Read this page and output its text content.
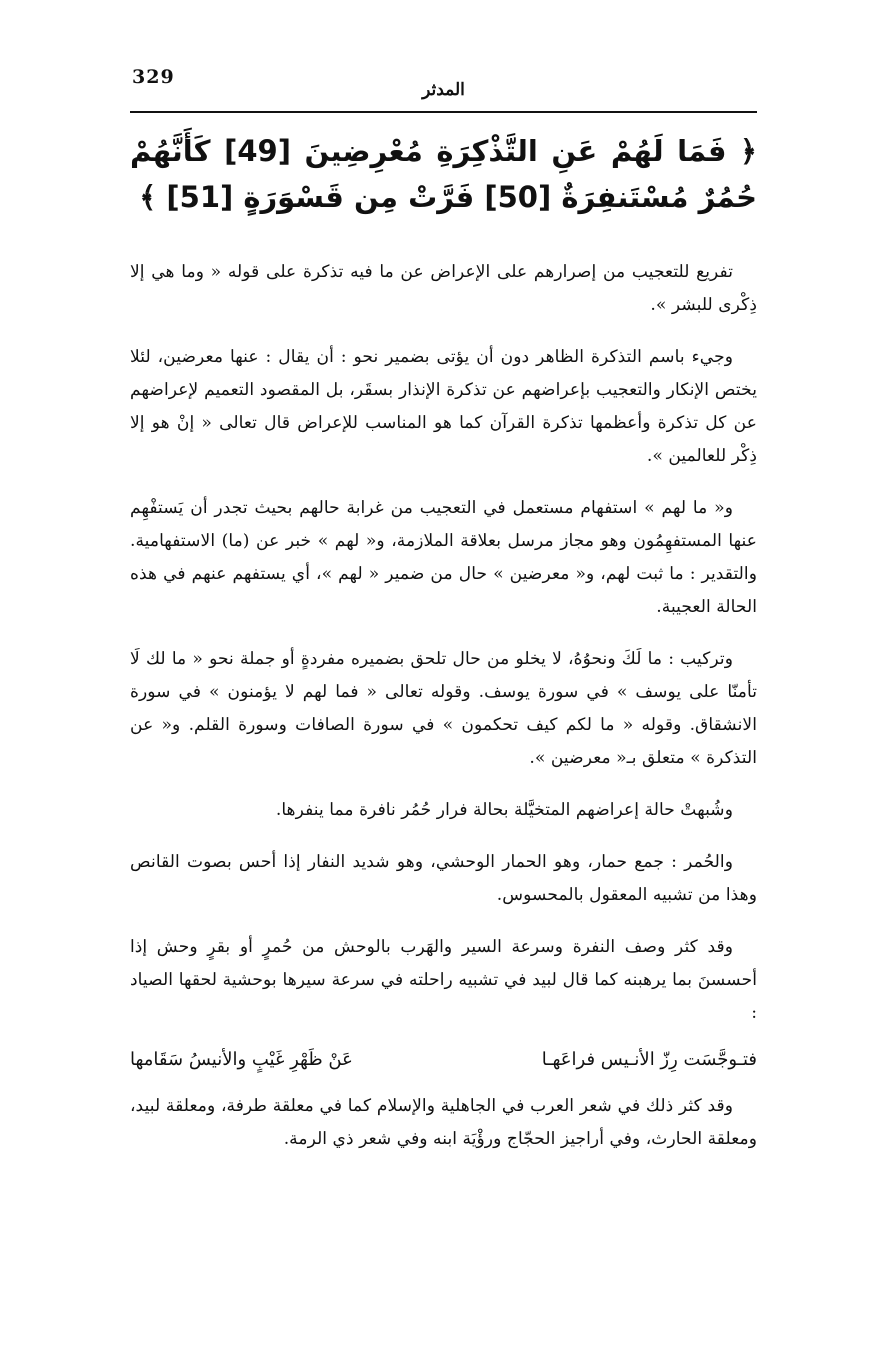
329
المدثر
﴿ فَمَا لَهُمْ عَنِ التَّذْكِرَةِ مُعْرِضِينَ [49] كَأَنَّهُمْ حُمُرٌ مُسْتَنفِرَةٌ [50] فَرَّتْ مِن قَسْوَرَةٍ [51] ﴾

تفريع للتعجيب من إصرارهم على الإعراض عن ما فيه تذكرة على قوله « وما هي إلا ذِكْرى للبشر ».

وجيء باسم التذكرة الظاهر دون أن يؤتى بضمير نحو : أن يقال : عنها معرضين، لئلا يختص الإنكار والتعجيب بإعراضهم عن تذكرة الإنذار بسقَر، بل المقصود التعميم لإعراضهم عن كل تذكرة وأعظمها تذكرة القرآن كما هو المناسب للإعراض قال تعالى « إنْ هو إلا ذِكْر للعالمين ».

و« ما لهم » استفهام مستعمل في التعجيب من غرابة حالهم بحيث تجدر أن يَستفْهِم عنها المستفهِمُون وهو مجاز مرسل بعلاقة الملازمة، و« لهم » خبر عن (ما) الاستفهامية. والتقدير : ما ثبت لهم، و« معرضين » حال من ضمير « لهم »، أي يستفهم عنهم في هذه الحالة العجيبة.

وتركيب : ما لَكَ ونحوُهُ، لا يخلو من حال تلحق بضميره مفردةٍ أو جملة نحو « ما لك لَا تأمنّا على يوسف » في سورة يوسف. وقوله تعالى « فما لهم لا يؤمنون » في سورة الانشقاق. وقوله « ما لكم كيف تحكمون » في سورة الصافات وسورة القلم. و« عن التذكرة » متعلق بـ« معرضين ».

وشُبهتْ حالة إعراضهم المتخيَّلة بحالة فرار حُمُر نافرة مما ينفرها.

والحُمر : جمع حمار، وهو الحمار الوحشي، وهو شديد النفار إذا أحس بصوت القانص وهذا من تشبيه المعقول بالمحسوس.

وقد كثر وصف النفرة وسرعة السير والهَرب بالوحش من حُمرٍ أو بقرٍ وحش إذا أحسسنَ بما يرهبنه كما قال لبيد في تشبيه راحلته في سرعة سيرها بوحشية لحقها الصياد :

فتـوجَّسَت رِزّ الأنـيس فراعَهـا
عَنْ ظَهْرِ غَيْبٍ والأنيسُ سَقَامها

وقد كثر ذلك في شعر العرب في الجاهلية والإسلام كما في معلقة طرفة، ومعلقة لبيد، ومعلقة الحارث، وفي أراجيز الحجّاج ورؤْيَة ابنه وفي شعر ذي الرمة.
